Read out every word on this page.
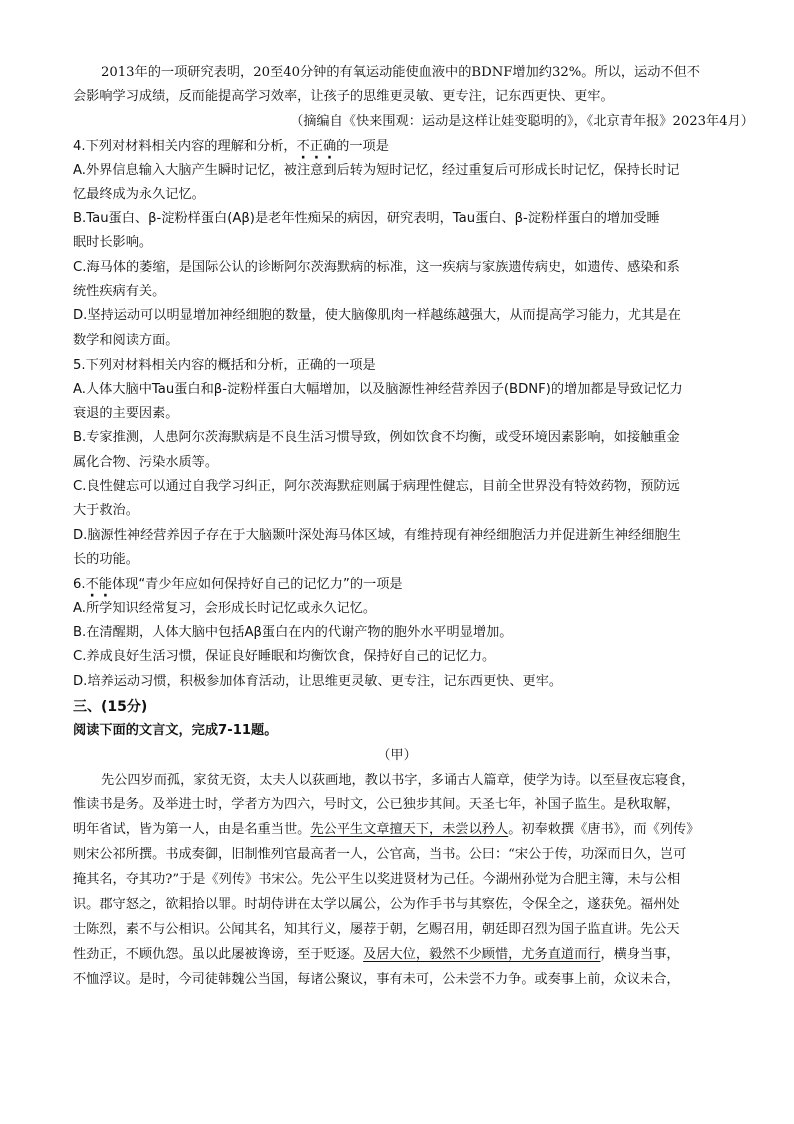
2013年的一项研究表明，20至40分钟的有氧运动能使血液中的BDNF增加约32%。所以，运动不但不
会影响学习成绩，反而能提高学习效率，让孩子的思维更灵敏、更专注，记东西更快、更牢。
（摘编自《快来围观：运动是这样让娃变聪明的》，《北京青年报》2023年4月）
4.下列对材料相关内容的理解和分析，不正确的一项是
A.外界信息输入大脑产生瞬时记忆，被注意到后转为短时记忆，经过重复后可形成长时记忆，保持长时记
忆最终成为永久记忆。
B.Tau蛋白、β-淀粉样蛋白(Aβ)是老年性痴呆的病因，研究表明，Tau蛋白、β-淀粉样蛋白的增加受睡
眠时长影响。
C.海马体的萎缩，是国际公认的诊断阿尔茨海默病的标准，这一疾病与家族遗传病史，如遗传、感染和系
统性疾病有关。
D.坚持运动可以明显增加神经细胞的数量，使大脑像肌肉一样越练越强大，从而提高学习能力，尤其是在
数学和阅读方面。
5.下列对材料相关内容的概括和分析，正确的一项是
A.人体大脑中Tau蛋白和β-淀粉样蛋白大幅增加，以及脑源性神经营养因子(BDNF)的增加都是导致记忆力
衰退的主要因素。
B.专家推测，人患阿尔茨海默病是不良生活习惯导致，例如饮食不均衡，或受环境因素影响，如接触重金
属化合物、污染水质等。
C.良性健忘可以通过自我学习纠正，阿尔茨海默症则属于病理性健忘，目前全世界没有特效药物，预防远
大于救治。
D.脑源性神经营养因子存在于大脑颞叶深处海马体区域，有维持现有神经细胞活力并促进新生神经细胞生
长的功能。
6.不能体现“青少年应如何保持好自己的记忆力”的一项是
A.所学知识经常复习，会形成长时记忆或永久记忆。
B.在清醒期，人体大脑中包括Aβ蛋白在内的代谢产物的胞外水平明显增加。
C.养成良好生活习惯，保证良好睡眠和均衡饮食，保持好自己的记忆力。
D.培养运动习惯，积极参加体育活动，让思维更灵敏、更专注，记东西更快、更牢。
三、(15分)
阅读下面的文言文，完成7-11题。
（甲）
先公四岁而孤，家贫无资，太夫人以荻画地，教以书字，多诵古人篇章，使学为诗。以至昼夜忘寝食，
惟读书是务。及举进士时，学者方为四六，号时文，公已独步其间。天圣七年，补国子监生。是秋取解，
明年省试，皆为第一人，由是名重当世。先公平生文章擅天下，未尝以矜人。初奉敕撰《唐书》，而《列传》
则宋公祁所撰。书成奏御，旧制惟列官最高者一人，公官高，当书。公曰：“宋公于传，功深而日久，岂可
掩其名，夺其功?”于是《列传》书宋公。先公平生以奖进贤材为己任。今湖州孙觉为合肥主簿，未与公相
识。郡守怒之，欲耜拾以罪。时胡侍讲在太学以属公，公为作手书与其察佐，令保全之，遂获免。福州处
士陈烈，素不与公相识。公闻其名，知其行义，屡荐于朝，乞赐召用，朝廷即召烈为国子监直讲。先公天
性劲正，不顾仇怨。虽以此屡被谗谤，至于贬逐。及居大位，毅然不少顾惜，尤务直道而行，横身当事，
不恤浮议。是时，今司徒韩魏公当国，每诸公聚议，事有未可，公未尝不力争。或奏事上前，众议未合，
